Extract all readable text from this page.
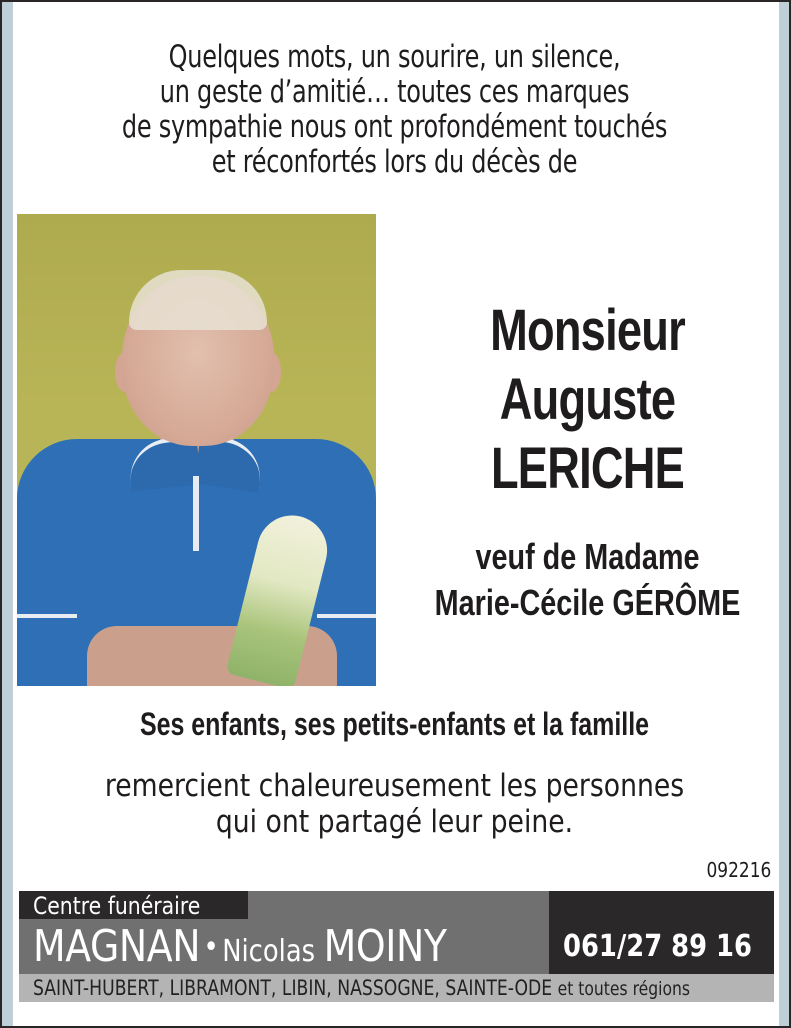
Quelques mots, un sourire, un silence,
un geste d’amitié… toutes ces marques
de sympathie nous ont profondément touchés
et réconfortés lors du décès de
Monsieur
Auguste
LERICHE
veuf de Madame
Marie-Cécile GÉRÔME
Ses enfants, ses petits-enfants et la famille
remercient chaleureusement les personnes
qui ont partagé leur peine.
092216
Centre funéraire
MAGNAN • Nicolas MOINY	061/27 89 16
SAINT-HUBERT, LIBRAMONT, LIBIN, NASSOGNE, SAINTE-ODE et toutes régions
